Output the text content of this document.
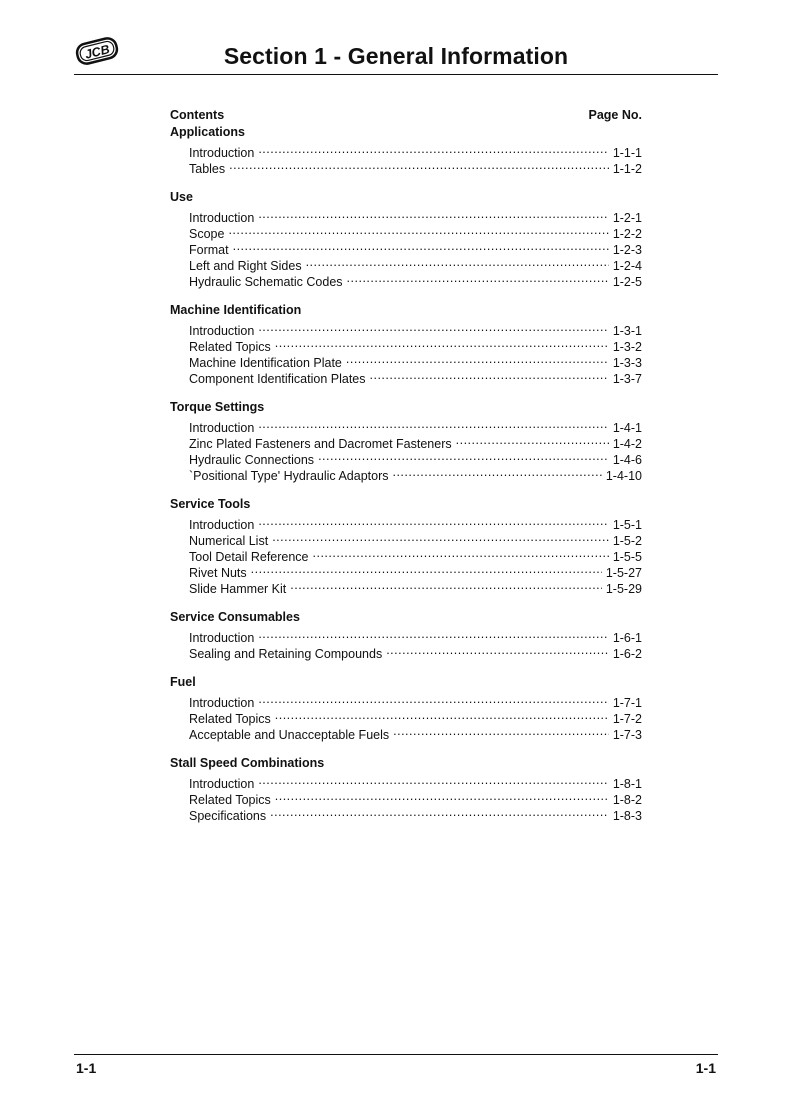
JCB	Section 1 - General Information
Contents	Page No.
Applications
Introduction .....	1-1-1
Tables .....	1-1-2
Use
Introduction .....	1-2-1
Scope .....	1-2-2
Format .....	1-2-3
Left and Right Sides .....	1-2-4
Hydraulic Schematic Codes .....	1-2-5
Machine Identification
Introduction .....	1-3-1
Related Topics .....	1-3-2
Machine Identification Plate .....	1-3-3
Component Identification Plates .....	1-3-7
Torque Settings
Introduction .....	1-4-1
Zinc Plated Fasteners and Dacromet Fasteners .....	1-4-2
Hydraulic Connections .....	1-4-6
`Positional Type' Hydraulic Adaptors .....	1-4-10
Service Tools
Introduction .....	1-5-1
Numerical List .....	1-5-2
Tool Detail Reference .....	1-5-5
Rivet Nuts .....	1-5-27
Slide Hammer Kit .....	1-5-29
Service Consumables
Introduction .....	1-6-1
Sealing and Retaining Compounds .....	1-6-2
Fuel
Introduction .....	1-7-1
Related Topics .....	1-7-2
Acceptable and Unacceptable Fuels .....	1-7-3
Stall Speed Combinations
Introduction .....	1-8-1
Related Topics .....	1-8-2
Specifications .....	1-8-3
1-1	1-1
